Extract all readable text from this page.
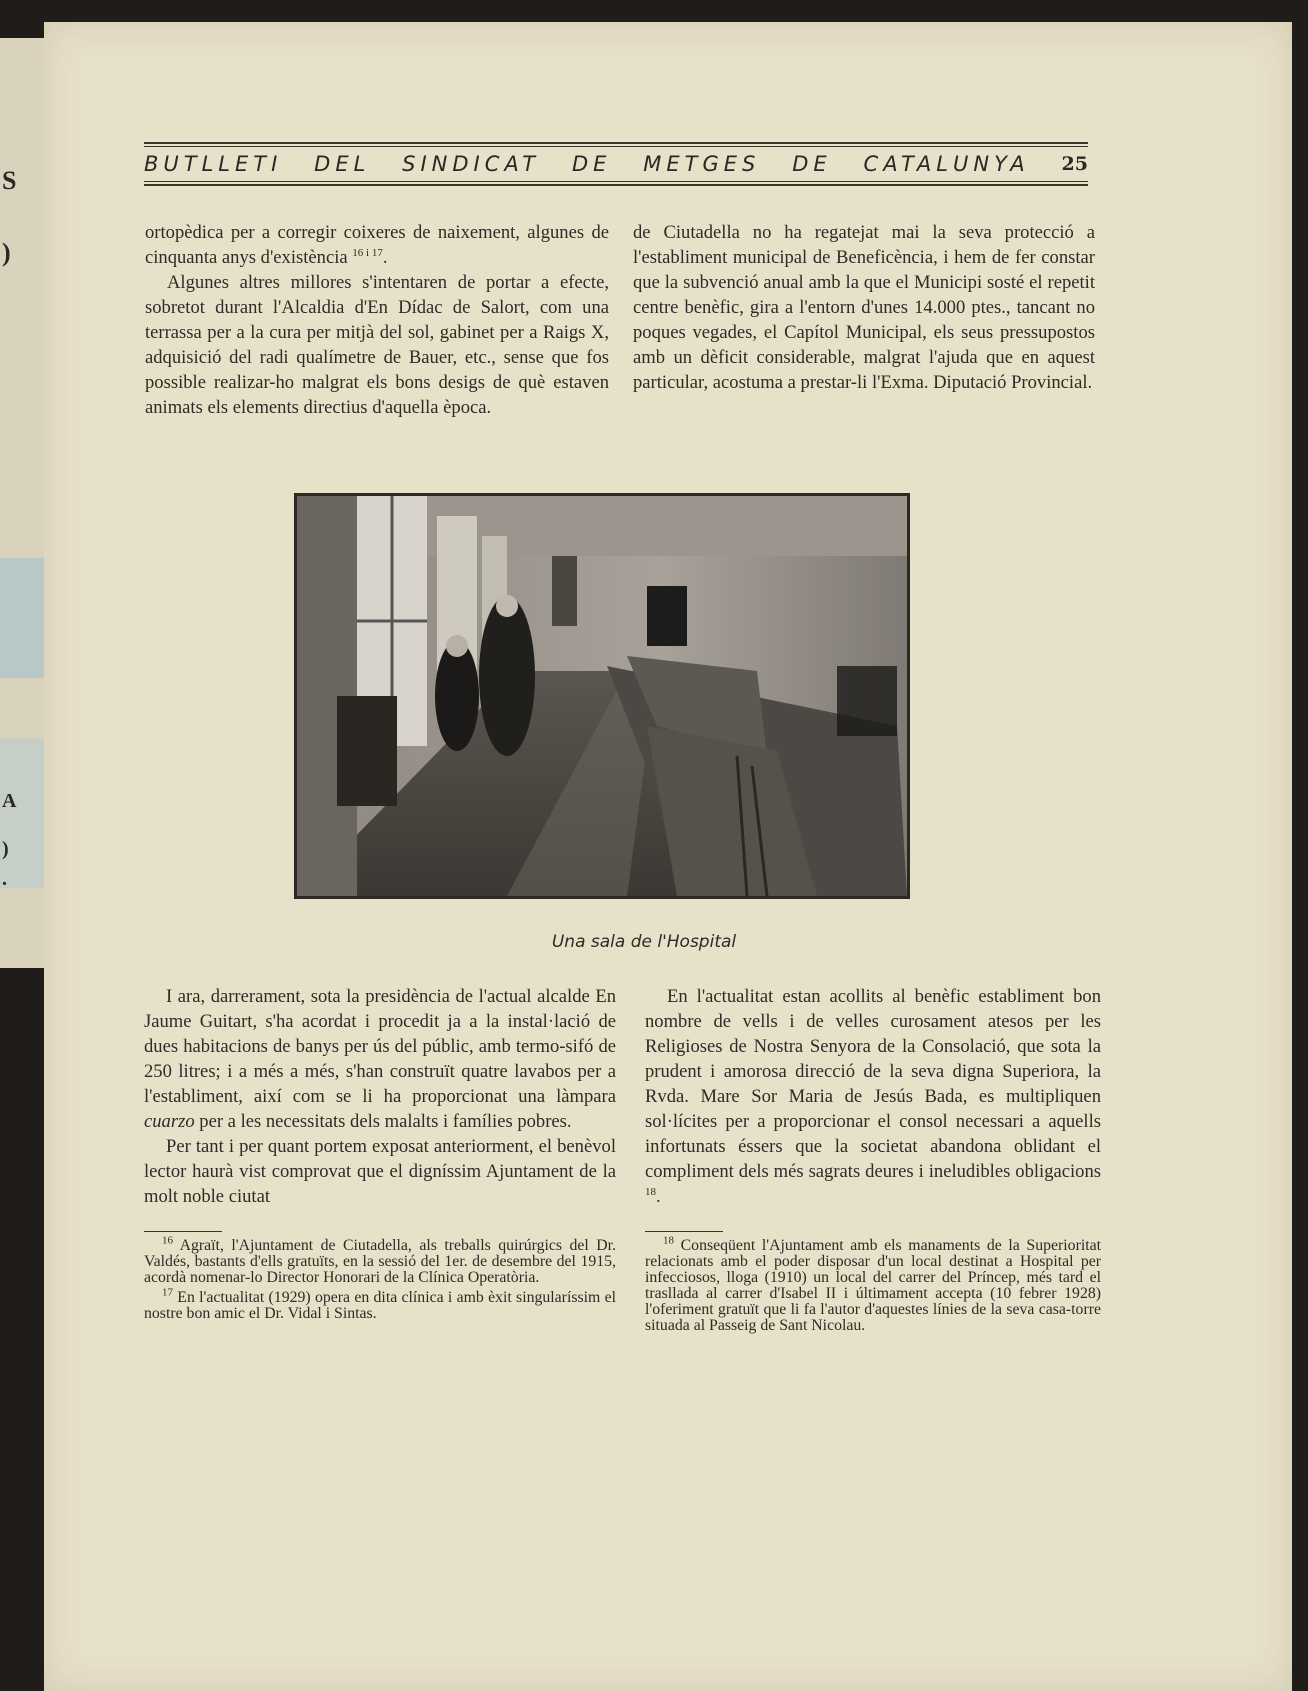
S
)
A
)
.
BUTLLETI DEL SINDICAT DE METGES DE CATALUNYA 25

ortopèdica per a corregir coixeres de naixement, algunes de cinquanta anys d'existència $^{16 i 17}$.

Algunes altres millores s'intentaren de portar a efecte, sobretot durant l'Alcaldia d'En Dídac de Salort, com una terrassa per a la cura per mitjà del sol, gabinet per a Raigs X, adquisició del radi qualímetre de Bauer, etc., sense que fos possible realizar-ho malgrat els bons desigs de què estaven animats els elements directius d'aquella època.

de Ciutadella no ha regatejat mai la seva protecció a l'establiment municipal de Beneficència, i hem de fer constar que la subvenció anual amb la que el Municipi sosté el repetit centre benèfic, gira a l'entorn d'unes 14.000 ptes., tancant no poques vegades, el Capítol Municipal, els seus pressupostos amb un dèficit considerable, malgrat l'ajuda que en aquest particular, acostuma a prestar-li l'Exma. Diputació Provincial.

Una sala de l'Hospital

I ara, darrerament, sota la presidència de l'actual alcalde En Jaume Guitart, s'ha acordat i procedit ja a la instal·lació de dues habitacions de banys per ús del públic, amb termo-sifó de 250 litres; i a més a més, s'han construït quatre lavabos per a l'establiment, així com se li ha proporcionat una làmpara cuarzo per a les necessitats dels malalts i famílies pobres.

Per tant i per quant portem exposat anteriorment, el benèvol lector haurà vist comprovat que el digníssim Ajuntament de la molt noble ciutat

$^{16}$ Agraït, l'Ajuntament de Ciutadella, als treballs quirúrgics del Dr. Valdés, bastants d'ells gratuïts, en la sessió del 1er. de desembre del 1915, acordà nomenar-lo Director Honorari de la Clínica Operatòria.

$^{17}$ En l'actualitat (1929) opera en dita clínica i amb èxit singularíssim el nostre bon amic el Dr. Vidal i Sintas.

En l'actualitat estan acollits al benèfic establiment bon nombre de vells i de velles curosament atesos per les Religioses de Nostra Senyora de la Consolació, que sota la prudent i amorosa direcció de la seva digna Superiora, la Rvda. Mare Sor Maria de Jesús Bada, es multipliquen sol·lícites per a proporcionar el consol necessari a aquells infortunats éssers que la societat abandona oblidant el compliment dels més sagrats deures i ineludibles obligacions $^{18}$.

$^{18}$ Conseqüent l'Ajuntament amb els manaments de la Superioritat relacionats amb el poder disposar d'un local destinat a Hospital per infecciosos, lloga (1910) un local del carrer del Príncep, més tard el trasllada al carrer d'Isabel II i últimament accepta (10 febrer 1928) l'oferiment gratuït que li fa l'autor d'aquestes línies de la seva casa-torre situada al Passeig de Sant Nicolau.
